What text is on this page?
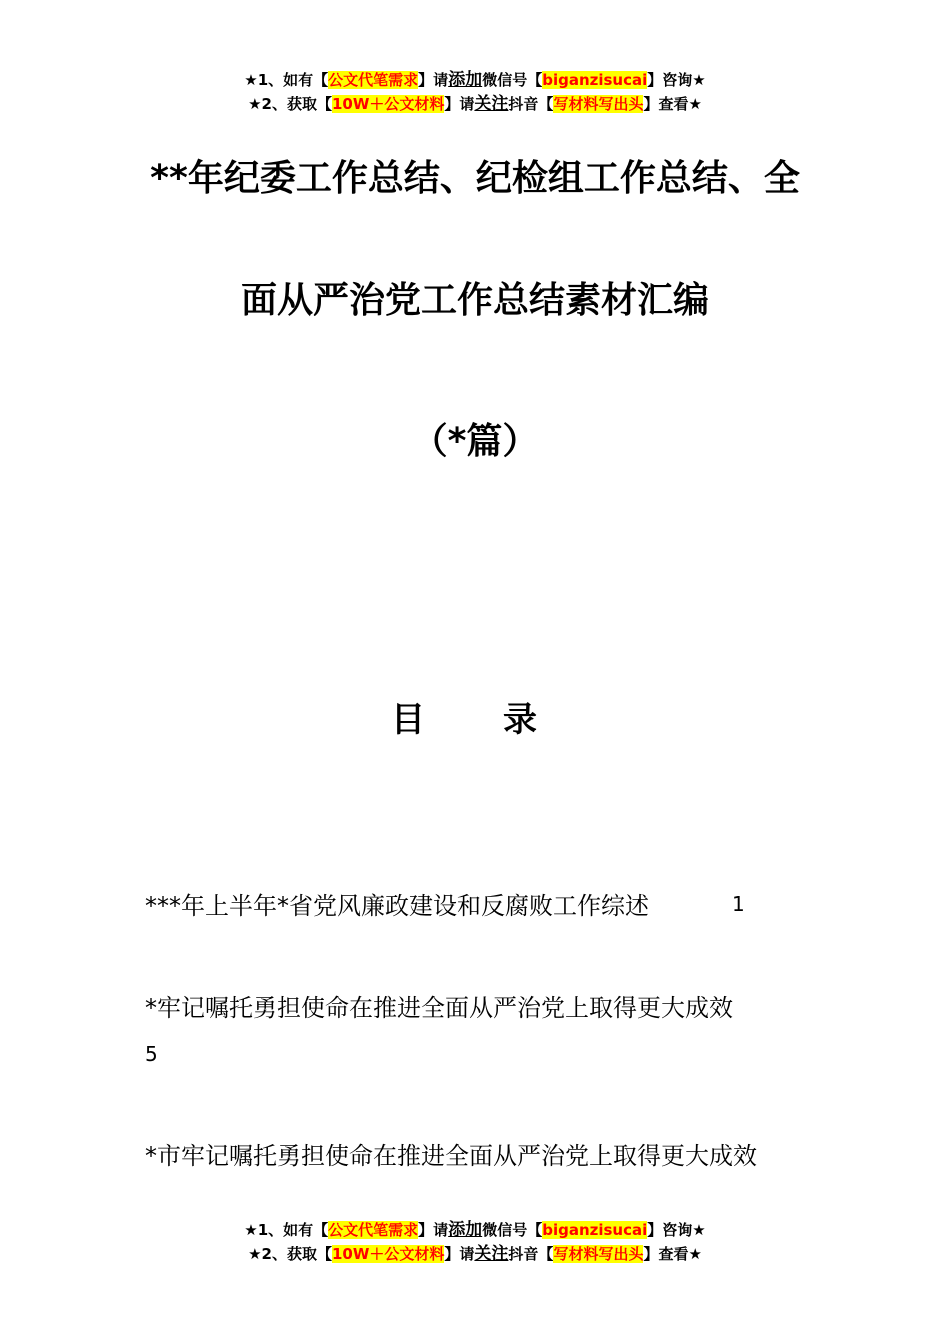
★1、如有【公文代笔需求】请添加微信号【biganzisucai】咨询★
★2、获取【10W＋公文材料】请关注抖音【写材料写出头】查看★
**年纪委工作总结、纪检组工作总结、全
面从严治党工作总结素材汇编
（*篇）
目　录
***年上半年*省党风廉政建设和反腐败工作综述	1
*牢记嘱托勇担使命在推进全面从严治党上取得更大成效
5
*市牢记嘱托勇担使命在推进全面从严治党上取得更大成效
★1、如有【公文代笔需求】请添加微信号【biganzisucai】咨询★
★2、获取【10W＋公文材料】请关注抖音【写材料写出头】查看★
